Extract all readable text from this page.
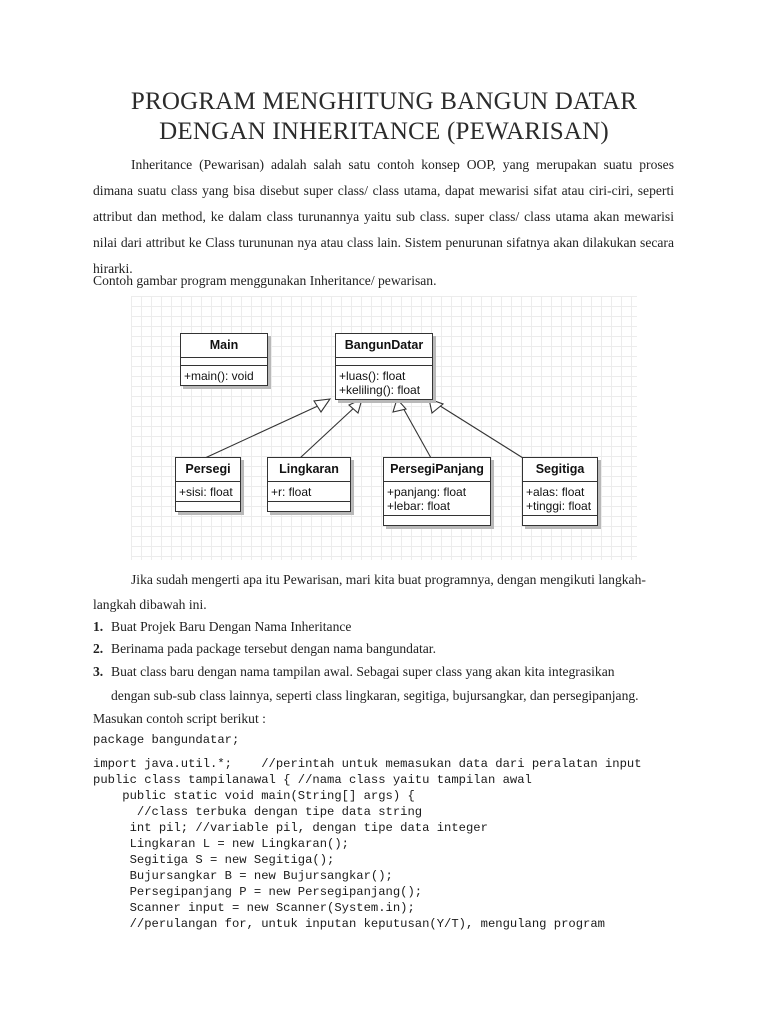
PROGRAM MENGHITUNG BANGUN DATAR
DENGAN INHERITANCE (PEWARISAN)

Inheritance (Pewarisan) adalah salah satu contoh konsep OOP, yang merupakan suatu proses dimana suatu class yang bisa disebut super class/ class utama, dapat mewarisi sifat atau ciri-ciri, seperti attribut dan method, ke dalam class turunannya yaitu sub class. super class/ class utama akan mewarisi nilai dari attribut ke Class turununan nya atau class lain. Sistem penurunan sifatnya akan dilakukan secara hirarki.

Contoh gambar program menggunakan Inheritance/ pewarisan.
Main
+main(): void
BangunDatar
+luas(): float
+keliling(): float
Persegi
+sisi: float
Lingkaran
+r: float
PersegiPanjang
+panjang: float
+lebar: float
Segitiga
+alas: float
+tinggi: float
Jika sudah mengerti apa itu Pewarisan, mari kita buat programnya, dengan mengikuti langkah-
langkah dibawah ini.
1. Buat Projek Baru Dengan Nama Inheritance
2. Berinama pada package tersebut dengan nama bangundatar.
3. Buat class baru dengan nama tampilan awal. Sebagai super class yang akan kita integrasikan
dengan sub-sub class lainnya, seperti class lingkaran, segitiga, bujursangkar, dan persegipanjang.
Masukan contoh script berikut :
package bangundatar;
import java.util.*;    //perintah untuk memasukan data dari peralatan input
public class tampilanawal { //nama class yaitu tampilan awal
public static void main(String[] args) {
//class terbuka dengan tipe data string
int pil; //variable pil, dengan tipe data integer
Lingkaran L = new Lingkaran();
Segitiga S = new Segitiga();
Bujursangkar B = new Bujursangkar();
Persegipanjang P = new Persegipanjang();
Scanner input = new Scanner(System.in);
//perulangan for, untuk inputan keputusan(Y/T), mengulang program
